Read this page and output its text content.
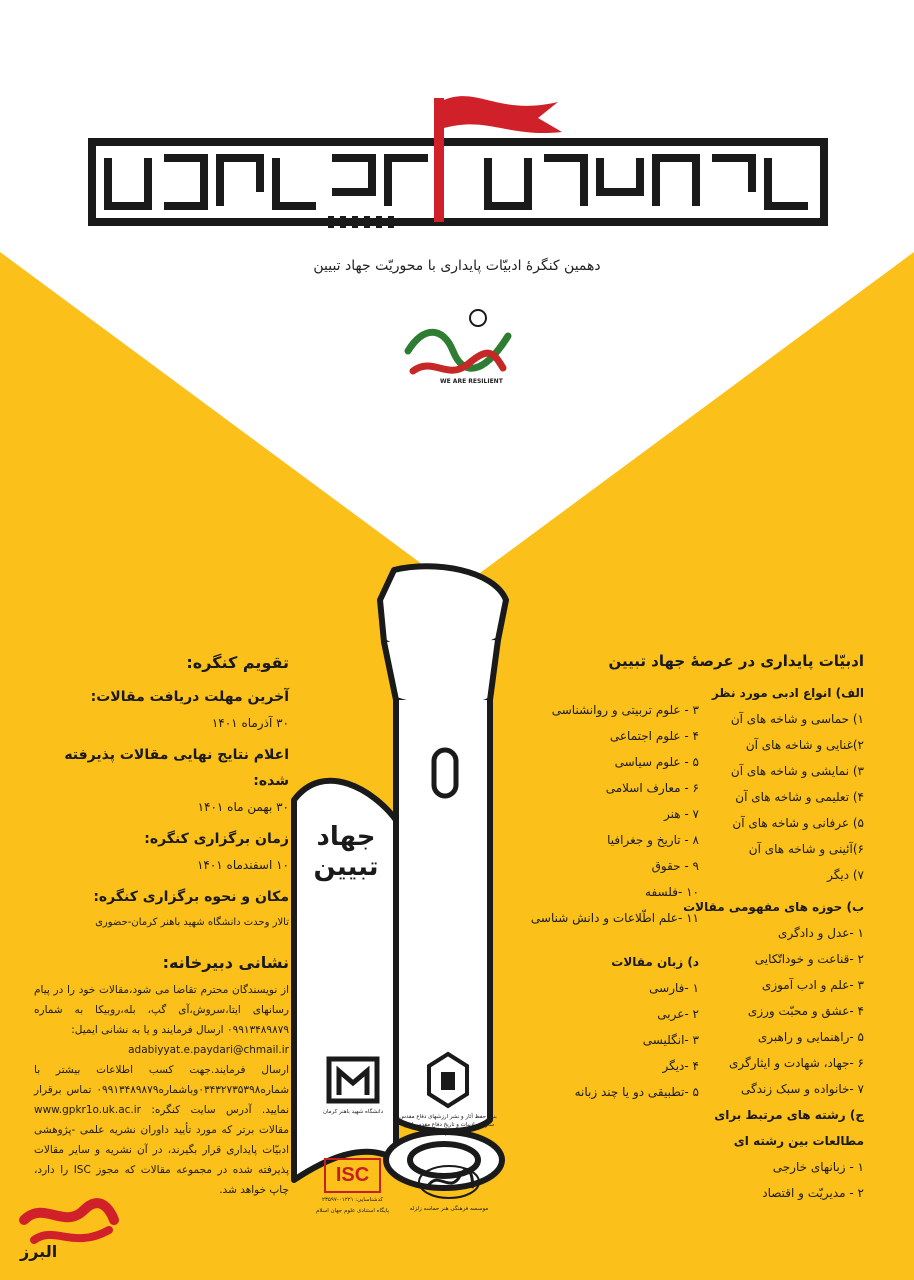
دهمین کنگرهٔ ادبیّات پایداری با محوریّت جهاد تبیین
WE ARE RESILIENT
جهاد
تبیین
ادبیّات پایداری در عرصهٔ جهاد تبیین
الف) انواع ادبی مورد نظر
۱) حماسی و شاخه های آن
۲)غنایی و شاخه های آن
۳) نمایشی و شاخه های آن
۴) تعلیمی و شاخه های آن
۵) عرفانی و شاخه های آن
۶)آئینی و شاخه های آن
۷) دیگر
ب) حوزه های مفهومی مقالات
۱ -عدل و دادگری
۲ -قناعت و خوداتّکایی
۳ -علم و ادب آموزی
۴ -عشق و محبّت ورزی
۵ -راهنمایی و راهبری
۶ -جهاد، شهادت و ایثارگری
۷ -خانواده و سبک زندگی
ج) رشته های مرتبط برای
مطالعات بین رشته ای
۱ - زبانهای خارجی
۲ - مدیریّت و اقتصاد
۳ - علوم تربیتی و روانشناسی
۴ - علوم اجتماعی
۵ - علوم سیاسی
۶ - معارف اسلامی
۷ - هنر
۸ - تاریخ و جغرافیا
۹ - حقوق
۱۰ -فلسفه
۱۱ -علم اطّلاعات و دانش شناسی
د) زبان مقالات
۱ -فارسی
۲ -عربی
۳ -انگلیسی
۴ -دیگر
۵ -تطبیقی دو یا چند زبانه
تقویم کنگره:
آخرین مهلت دریافت مقالات:
۳۰ آذرماه ۱۴۰۱
اعلام نتایج نهایی مقالات پذیرفته شده:
۳۰ بهمن ماه ۱۴۰۱
زمان برگزاری کنگره:
۱۰ اسفندماه ۱۴۰۱
مکان و نحوه برگزاری کنگره:
تالار وحدت دانشگاه شهید باهنر کرمان-حضوری
نشانی دبیرخانه:
از نویسندگان محترم تقاضا می شود،مقالات خود را در پیام رسانهای ایتا،سروش،آی گپ، بله،روبیکا به شماره ۰۹۹۱۳۴۸۹۸۷۹ ارسال فرمایند و یا به نشانی ایمیل:
adabiyyat.e.paydari@chmail.ir
ارسال فرمایند.جهت کسب اطلاعات بیشتر با شماره۰۳۴۳۲۷۳۵۳۹۸وباشماره۰۹۹۱۳۴۸۹۸۷۹ تماس برقرار نمایید. آدرس سایت کنگره: www.gpkr1o.uk.ac.ir مقالات برتر که مورد تأیید داوران نشریه علمی -پژوهشی ادبیّات پایداری قرار بگیرند، در آن نشریه و سایر مقالات پذیرفته شده در مجموعه مقالات که مجوز ISC را دارد، چاپ خواهد شد.
دانشگاه شهید باهنر کرمان
بنیاد حفظ آثار و نشر ارزشهای دفاع مقدس سازمان ادبیات و تاریخ دفاع مقدس اداره کل کرمان
ISC
کدشناسایی: ۰۱۲۲۱-۲۳۵۹۷
پایگاه استنادی علوم جهان اسلام	موسسه فرهنگی هنر حماسه زلزله
البرز
